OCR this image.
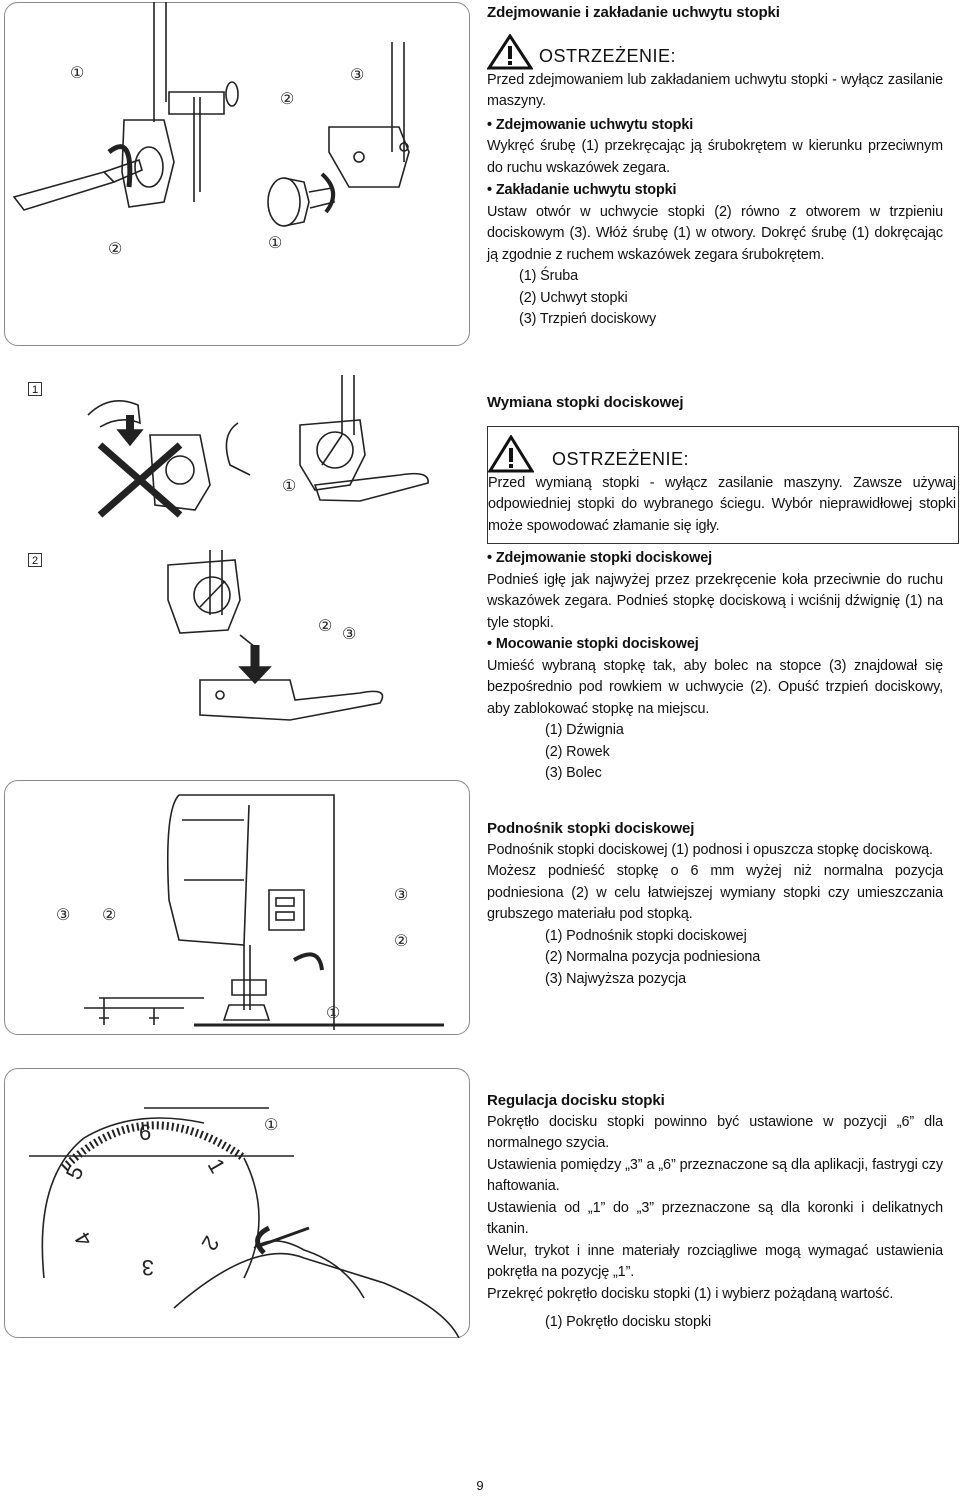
①
②
③
②	①

Zdejmowanie i zakładanie uchwytu stopki

OSTRZEŻENIE:

Przed zdejmowaniem lub zakładaniem uchwytu stopki - wyłącz zasilanie maszyny.

• Zdejmowanie uchwytu stopki

Wykręć śrubę (1) przekręcając ją śrubokrętem w kierunku przeciwnym do ruchu wskazówek zegara.

• Zakładanie uchwytu stopki

Ustaw otwór w uchwycie stopki (2) równo z otworem w trzpieniu dociskowym (3). Włóż śrubę (1) w otwory. Dokręć śrubę (1) dokręcając ją zgodnie z ruchem wskazówek zegara śrubokrętem.

(1) Śruba

(2) Uchwyt stopki

(3) Trzpień dociskowy

1
2
①
② ③

Wymiana stopki dociskowej

OSTRZEŻENIE:

Przed wymianą stopki - wyłącz zasilanie maszyny. Zawsze używaj odpowiedniej stopki do wybranego ściegu. Wybór nieprawidłowej stopki może spowodować złamanie się igły.

• Zdejmowanie stopki dociskowej

Podnieś igłę jak najwyżej przez przekręcenie koła przeciwnie do ruchu wskazówek zegara. Podnieś stopkę dociskową i wciśnij dźwignię (1) na tyle stopki.

• Mocowanie stopki dociskowej

Umieść wybraną stopkę tak, aby bolec na stopce (3) znajdował się bezpośrednio pod rowkiem w uchwycie (2). Opuść trzpień dociskowy, aby zablokować stopkę na miejscu.

(1) Dźwignia

(2) Rowek

(3) Bolec

③ ②
③
②
①

Podnośnik stopki dociskowej

Podnośnik stopki dociskowej (1) podnosi i opuszcza stopkę dociskową.

Możesz podnieść stopkę o 6 mm wyżej niż normalna pozycja podniesiona (2) w celu łatwiejszej wymiany stopki czy umieszczania grubszego materiału pod stopką.

(1) Podnośnik stopki dociskowej

(2) Normalna pozycja podniesiona

(3) Najwyższa pozycja

6
5	1
4	2
3
①

Regulacja docisku stopki

Pokrętło docisku stopki powinno być ustawione w pozycji „6” dla normalnego szycia.

Ustawienia pomiędzy „3” a „6” przeznaczone są dla aplikacji, fastrygi czy haftowania.

Ustawienia od „1” do „3” przeznaczone są dla koronki i delikatnych tkanin.

Welur, trykot i inne materiały rozciągliwe mogą wymagać ustawienia pokrętła na pozycję „1”.

Przekręć pokrętło docisku stopki (1) i wybierz pożądaną wartość.

(1) Pokrętło docisku stopki

9
